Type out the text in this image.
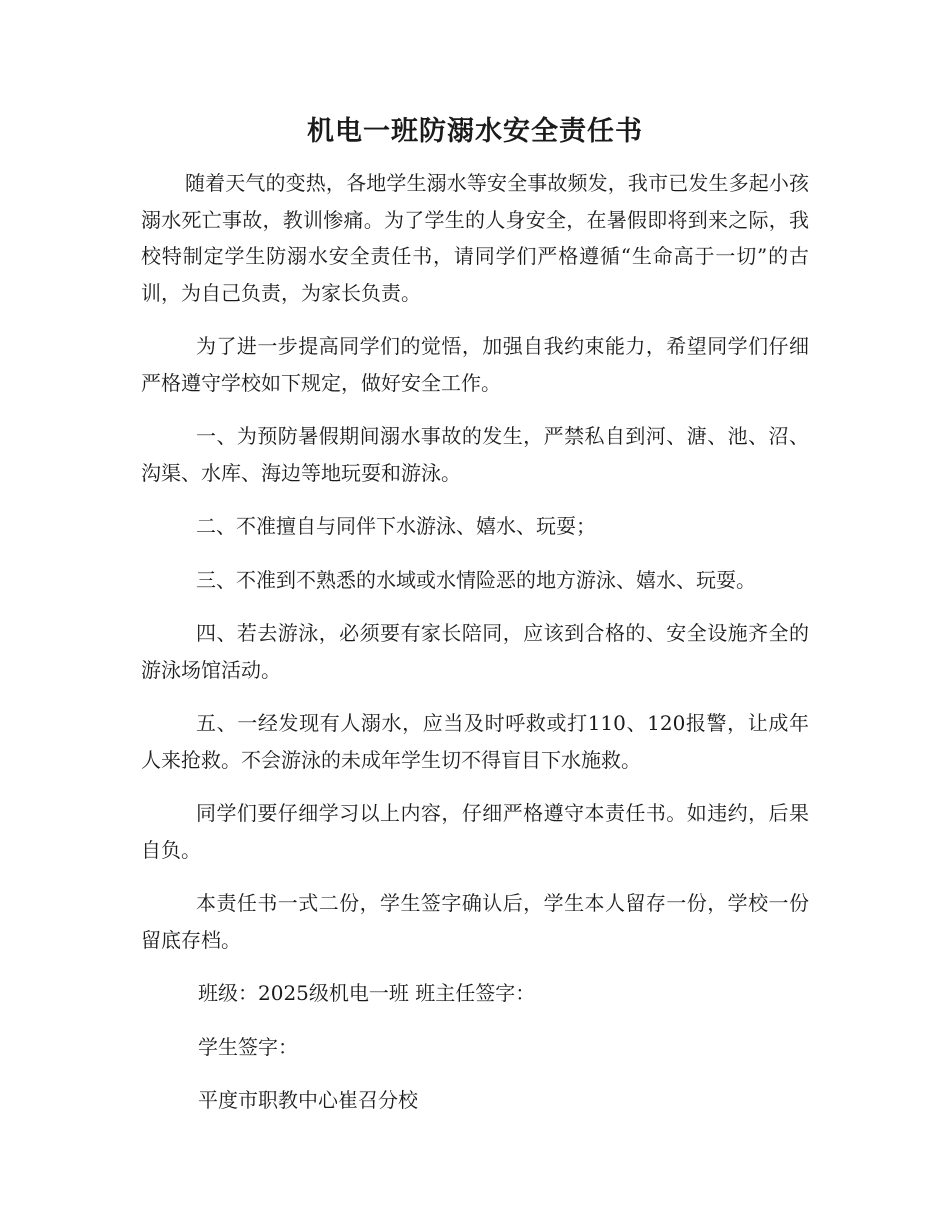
机电一班防溺水安全责任书

随着天气的变热，各地学生溺水等安全事故频发，我市已发生多起小孩溺水死亡事故，教训惨痛。为了学生的人身安全，在暑假即将到来之际，我校特制定学生防溺水安全责任书，请同学们严格遵循“生命高于一切”的古训，为自己负责，为家长负责。

为了进一步提高同学们的觉悟，加强自我约束能力，希望同学们仔细严格遵守学校如下规定，做好安全工作。

一、为预防暑假期间溺水事故的发生，严禁私自到河、溏、池、沼、沟渠、水库、海边等地玩耍和游泳。

二、不准擅自与同伴下水游泳、嬉水、玩耍；

三、不准到不熟悉的水域或水情险恶的地方游泳、嬉水、玩耍。

四、若去游泳，必须要有家长陪同，应该到合格的、安全设施齐全的游泳场馆活动。

五、一经发现有人溺水，应当及时呼救或打110、120报警，让成年人来抢救。不会游泳的未成年学生切不得盲目下水施救。

同学们要仔细学习以上内容，仔细严格遵守本责任书。如违约，后果自负。

本责任书一式二份，学生签字确认后，学生本人留存一份，学校一份留底存档。

班级：2025级机电一班 班主任签字：
学生签字：
平度市职教中心崔召分校
